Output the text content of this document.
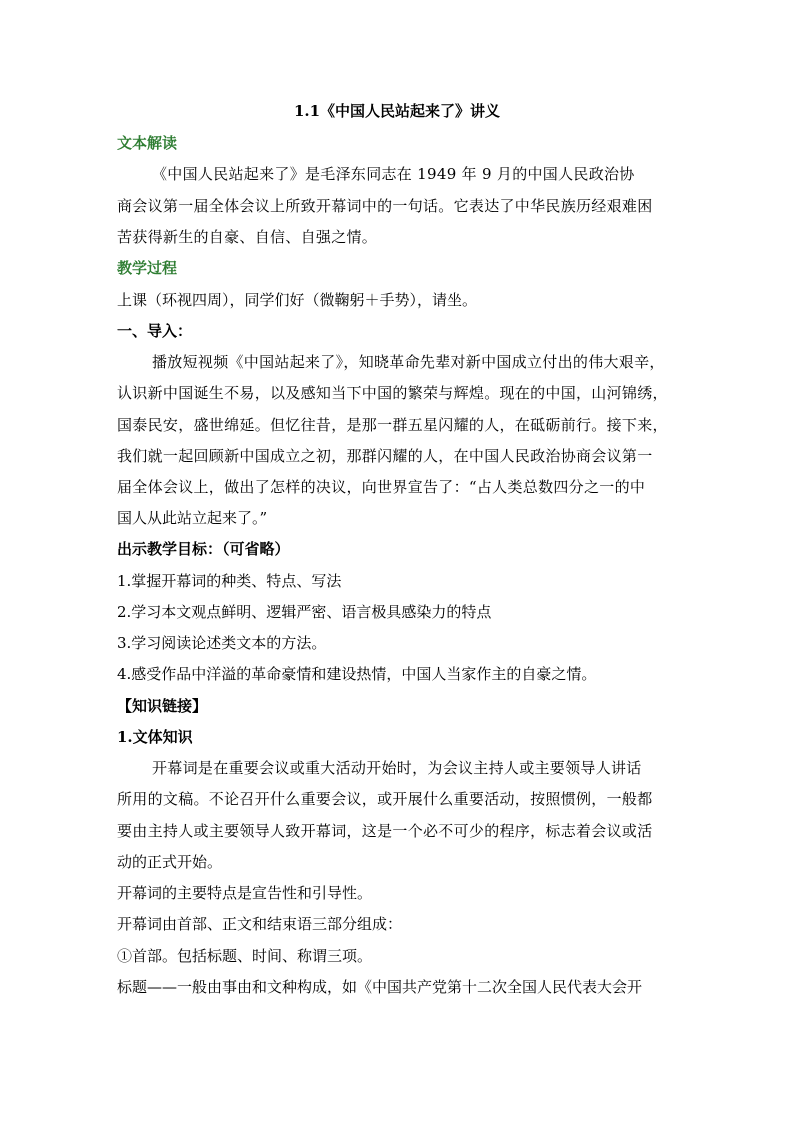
1.1《中国人民站起来了》讲义
文本解读
《中国人民站起来了》是毛泽东同志在 1949 年 9 月的中国人民政治协
商会议第一届全体会议上所致开幕词中的一句话。它表达了中华民族历经艰难困
苦获得新生的自豪、自信、自强之情。
教学过程
上课（环视四周），同学们好（微鞠躬＋手势），请坐。
一、导入：
播放短视频《中国站起来了》，知晓革命先辈对新中国成立付出的伟大艰辛，
认识新中国诞生不易，以及感知当下中国的繁荣与辉煌。现在的中国，山河锦绣，
国泰民安，盛世绵延。但忆往昔，是那一群五星闪耀的人，在砥砺前行。接下来，
我们就一起回顾新中国成立之初，那群闪耀的人，在中国人民政治协商会议第一
届全体会议上，做出了怎样的决议，向世界宣告了：“占人类总数四分之一的中
国人从此站立起来了。”
出示教学目标：（可省略）
1.掌握开幕词的种类、特点、写法
2.学习本文观点鲜明、逻辑严密、语言极具感染力的特点
3.学习阅读论述类文本的方法。
4.感受作品中洋溢的革命豪情和建设热情，中国人当家作主的自豪之情。
【知识链接】
1.文体知识
开幕词是在重要会议或重大活动开始时，为会议主持人或主要领导人讲话
所用的文稿。不论召开什么重要会议，或开展什么重要活动，按照惯例，一般都
要由主持人或主要领导人致开幕词，这是一个必不可少的程序，标志着会议或活
动的正式开始。
开幕词的主要特点是宣告性和引导性。
开幕词由首部、正文和结束语三部分组成：
①首部。包括标题、时间、称谓三项。
标题——一般由事由和文种构成，如《中国共产党第十二次全国人民代表大会开
